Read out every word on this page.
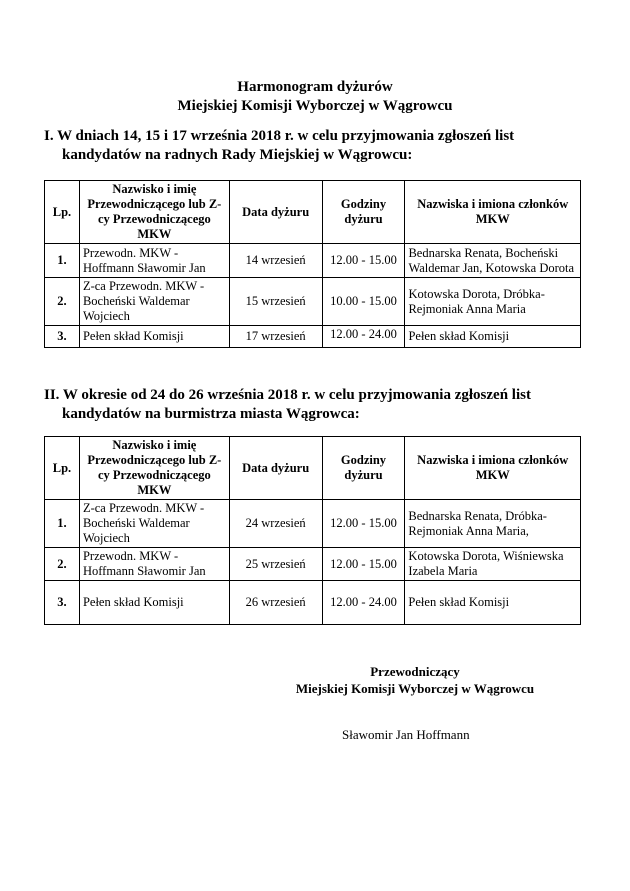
Harmonogram dyżurów
Miejskiej Komisji Wyborczej w Wągrowcu
I. W dniach 14, 15 i 17 września 2018 r. w celu przyjmowania zgłoszeń list
kandydatów na radnych Rady Miejskiej w Wągrowcu:
Lp.	Nazwisko i imię Przewodniczącego lub Z-cy Przewodniczącego MKW	Data dyżuru	Godziny dyżuru	Nazwiska i imiona członków MKW
1.	Przewodn. MKW - Hoffmann Sławomir Jan	14 wrzesień	12.00 - 15.00	Bednarska Renata, Bocheński Waldemar Jan, Kotowska Dorota
2.	Z-ca Przewodn. MKW - Bocheński Waldemar Wojciech	15 wrzesień	10.00 - 15.00	Kotowska Dorota, Dróbka-Rejmoniak Anna Maria
3.	Pełen skład Komisji	17 wrzesień	12.00 - 24.00	Pełen skład Komisji
II. W okresie od 24 do 26 września 2018 r. w celu przyjmowania zgłoszeń list
kandydatów na burmistrza miasta Wągrowca:
Lp.	Nazwisko i imię Przewodniczącego lub Z-cy Przewodniczącego MKW	Data dyżuru	Godziny dyżuru	Nazwiska i imiona członków MKW
1.	Z-ca Przewodn. MKW - Bocheński Waldemar Wojciech	24 wrzesień	12.00 - 15.00	Bednarska Renata, Dróbka-Rejmoniak Anna Maria,
2.	Przewodn. MKW - Hoffmann Sławomir Jan	25 wrzesień	12.00 - 15.00	Kotowska Dorota, Wiśniewska Izabela Maria
3.	Pełen skład Komisji	26 wrzesień	12.00 - 24.00	Pełen skład Komisji
Przewodniczący
Miejskiej Komisji Wyborczej w Wągrowcu
Sławomir Jan Hoffmann
